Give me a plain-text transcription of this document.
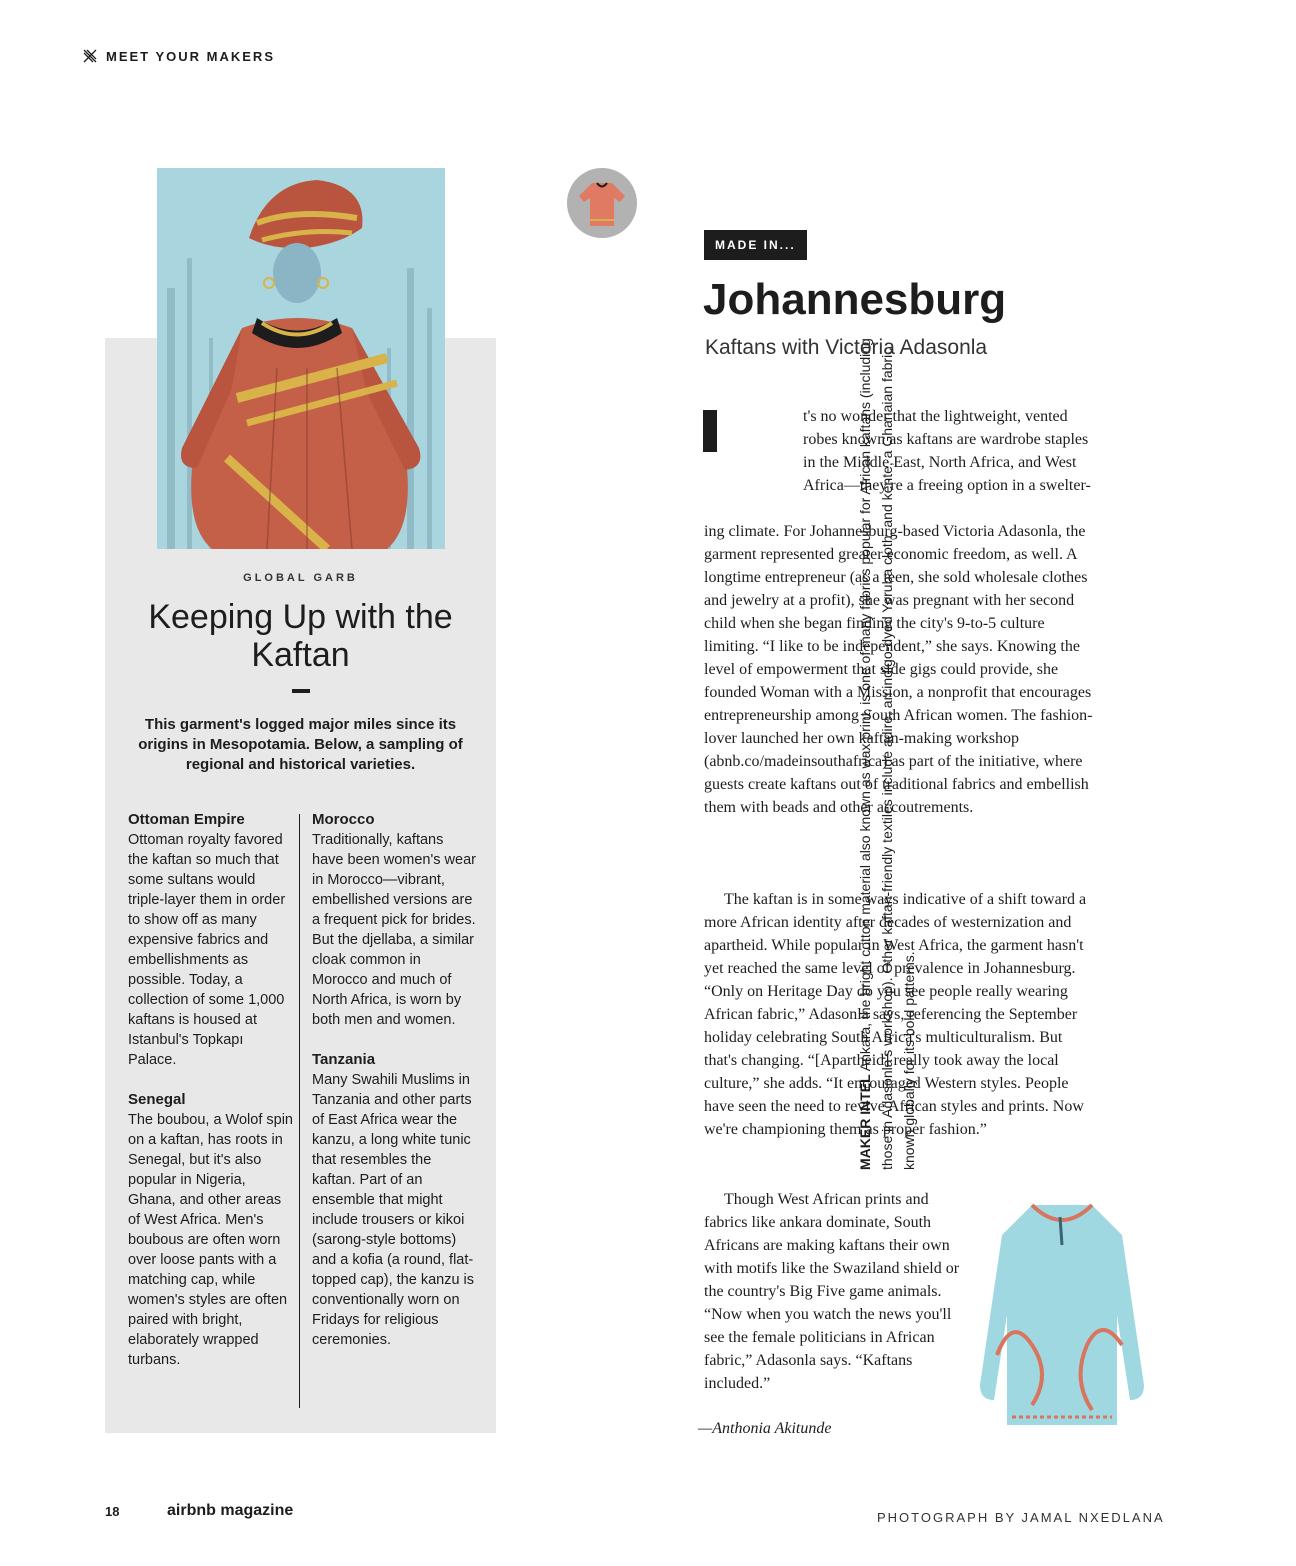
MEET YOUR MAKERS
GLOBAL GARB
Keeping Up with the Kaftan
This garment's logged major miles since its origins in Mesopotamia. Below, a sampling of regional and historical varieties.
Ottoman Empire

Ottoman royalty favored the kaftan so much that some sultans would triple-layer them in order to show off as many expensive fabrics and embellishments as possible. Today, a collection of some 1,000 kaftans is housed at Istanbul's Topkapı Palace.

Senegal

The boubou, a Wolof spin on a kaftan, has roots in Senegal, but it's also popular in Nigeria, Ghana, and other areas of West Africa. Men's boubous are often worn over loose pants with a matching cap, while women's styles are often paired with bright, elaborately wrapped turbans.

Morocco

Traditionally, kaftans have been women's wear in Morocco—vibrant, embellished versions are a frequent pick for brides. But the djellaba, a similar cloak common in Morocco and much of North Africa, is worn by both men and women.

Tanzania

Many Swahili Muslims in Tanzania and other parts of East Africa wear the kanzu, a long white tunic that resembles the kaftan. Part of an ensemble that might include trousers or kikoi (sarong-style bottoms) and a kofia (a round, flat-topped cap), the kanzu is conventionally worn on Fridays for religious ceremonies.

MAKER INTEL Ankara, the bright cotton material also known as wax print, is one of many fabrics popular for African kaftans (including those in Adasonla's workshop). Other kaftan-friendly textiles include adire, an indigo-dyed Yoruba cloth, and kente, a Ghanaian fabric known globally for its bold patterns.
MADE IN...
Johannesburg
Kaftans with Victoria Adasonla
t's no wonder that the lightweight, vented robes known as kaftans are wardrobe staples in the Middle East, North Africa, and West Africa—they're a freeing option in a swelter-
ing climate. For Johannesburg-based Victoria Adasonla, the garment represented greater economic freedom, as well. A longtime entrepreneur (as a teen, she sold wholesale clothes and jewelry at a profit), she was pregnant with her second child when she began finding the city's 9-to-5 culture limiting. “I like to be independent,” she says. Knowing the level of empowerment that side gigs could provide, she founded Woman with a Mission, a nonprofit that encourages entrepreneurship among South African women. The fashion-lover launched her own kaftan-making workshop (abnb.co/madeinsouthafrica) as part of the initiative, where guests create kaftans out of traditional fabrics and embellish them with beads and other accoutrements.
The kaftan is in some ways indicative of a shift toward a more African identity after decades of westernization and apartheid. While popular in West Africa, the garment hasn't yet reached the same level of prevalence in Johannesburg. “Only on Heritage Day do you see people really wearing African fabric,” Adasonla says, referencing the September holiday celebrating South Africa's multiculturalism. But that's changing. “[Apartheid] really took away the local culture,” she adds. “It encouraged Western styles. People have seen the need to revive African styles and prints. Now we're championing them as proper fashion.”
Though West African prints and fabrics like ankara dominate, South Africans are making kaftans their own with motifs like the Swaziland shield or the country's Big Five game animals. “Now when you watch the news you'll see the female politicians in African fabric,” Adasonla says. “Kaftans included.”
—Anthonia Akitunde
18	airbnb magazine	PHOTOGRAPH BY JAMAL NXEDLANA
